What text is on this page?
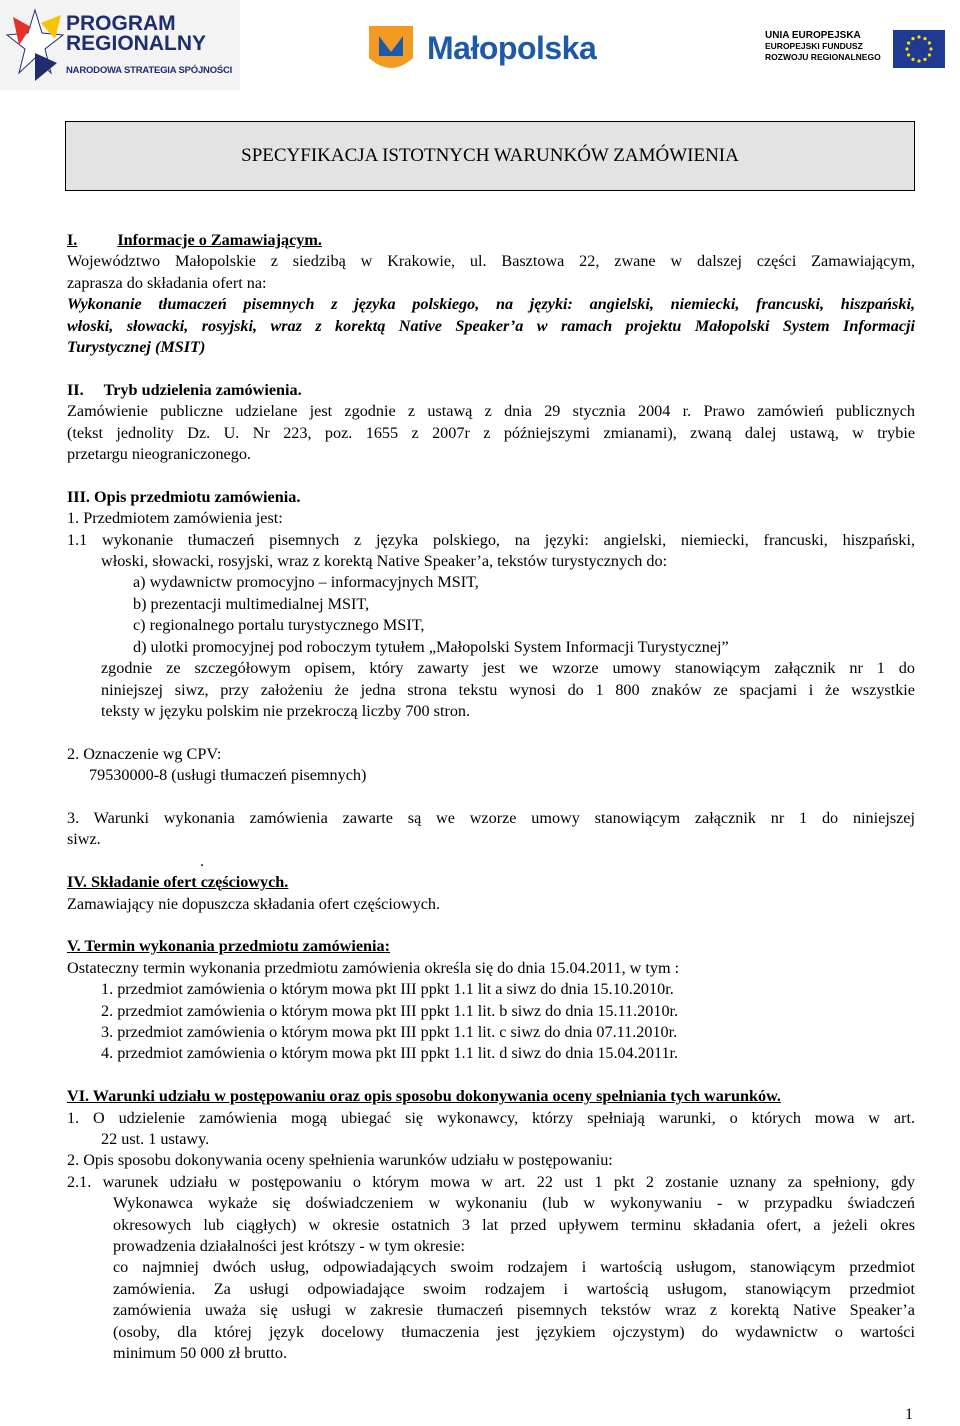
PROGRAM
REGIONALNY
NARODOWA STRATEGIA SPÓJNOŚCI
Małopolska	UNIA EUROPEJSKA
EUROPEJSKI FUNDUSZ
ROZWOJU REGIONALNEGO
SPECYFIKACJA ISTOTNYCH WARUNKÓW ZAMÓWIENIA
I. Informacje o Zamawiającym.
Województwo Małopolskie z siedzibą w Krakowie, ul. Basztowa 22, zwane w dalszej części Zamawiającym,
zaprasza do składania ofert na:
Wykonanie tłumaczeń pisemnych z języka polskiego, na języki: angielski, niemiecki, francuski, hiszpański,
włoski, słowacki, rosyjski, wraz z korektą Native Speaker’a w ramach projektu Małopolski System Informacji
Turystycznej (MSIT)
II. Tryb udzielenia zamówienia.
Zamówienie publiczne udzielane jest zgodnie z ustawą z dnia 29 stycznia 2004 r. Prawo zamówień publicznych
(tekst jednolity Dz. U. Nr 223, poz. 1655 z 2007r z późniejszymi zmianami), zwaną dalej ustawą, w trybie
przetargu nieograniczonego.
III. Opis przedmiotu zamówienia.
1. Przedmiotem zamówienia jest:
1.1 wykonanie tłumaczeń pisemnych z języka polskiego, na języki: angielski, niemiecki, francuski, hiszpański,
włoski, słowacki, rosyjski, wraz z korektą Native Speaker’a, tekstów turystycznych do:
a) wydawnictw promocyjno – informacyjnych MSIT,
b) prezentacji multimedialnej MSIT,
c) regionalnego portalu turystycznego MSIT,
d) ulotki promocyjnej pod roboczym tytułem „Małopolski System Informacji Turystycznej”
zgodnie ze szczegółowym opisem, który zawarty jest we wzorze umowy stanowiącym załącznik nr 1 do
niniejszej siwz, przy założeniu że jedna strona tekstu wynosi do 1 800 znaków ze spacjami i że wszystkie
teksty w języku polskim nie przekroczą liczby 700 stron.
2. Oznaczenie wg CPV:
79530000-8 (usługi tłumaczeń pisemnych)
3. Warunki wykonania zamówienia zawarte są we wzorze umowy stanowiącym załącznik nr 1 do niniejszej
siwz.
.
IV. Składanie ofert częściowych.
Zamawiający nie dopuszcza składania ofert częściowych.
V. Termin wykonania przedmiotu zamówienia:
Ostateczny termin wykonania przedmiotu zamówienia określa się do dnia 15.04.2011, w tym :
1. przedmiot zamówienia o którym mowa pkt III ppkt 1.1 lit a siwz do dnia 15.10.2010r.
2. przedmiot zamówienia o którym mowa pkt III ppkt 1.1 lit. b siwz do dnia 15.11.2010r.
3. przedmiot zamówienia o którym mowa pkt III ppkt 1.1 lit. c siwz do dnia 07.11.2010r.
4. przedmiot zamówienia o którym mowa pkt III ppkt 1.1 lit. d siwz do dnia 15.04.2011r.
VI. Warunki udziału w postępowaniu oraz opis sposobu dokonywania oceny spełniania tych warunków.
1. O udzielenie zamówienia mogą ubiegać się wykonawcy, którzy spełniają warunki, o których mowa w art.
22 ust. 1 ustawy.
2. Opis sposobu dokonywania oceny spełnienia warunków udziału w postępowaniu:
2.1. warunek udziału w postępowaniu o którym mowa w art. 22 ust 1 pkt 2 zostanie uznany za spełniony, gdy
Wykonawca wykaże się doświadczeniem w wykonaniu (lub w wykonywaniu - w przypadku świadczeń
okresowych lub ciągłych) w okresie ostatnich 3 lat przed upływem terminu składania ofert, a jeżeli okres
prowadzenia działalności jest krótszy - w tym okresie:
co najmniej dwóch usług, odpowiadających swoim rodzajem i wartością usługom, stanowiącym przedmiot
zamówienia. Za usługi odpowiadające swoim rodzajem i wartością usługom, stanowiącym przedmiot
zamówienia uważa się usługi w zakresie tłumaczeń pisemnych tekstów wraz z korektą Native Speaker’a
(osoby, dla której język docelowy tłumaczenia jest językiem ojczystym) do wydawnictw o wartości
minimum 50 000 zł brutto.
1
